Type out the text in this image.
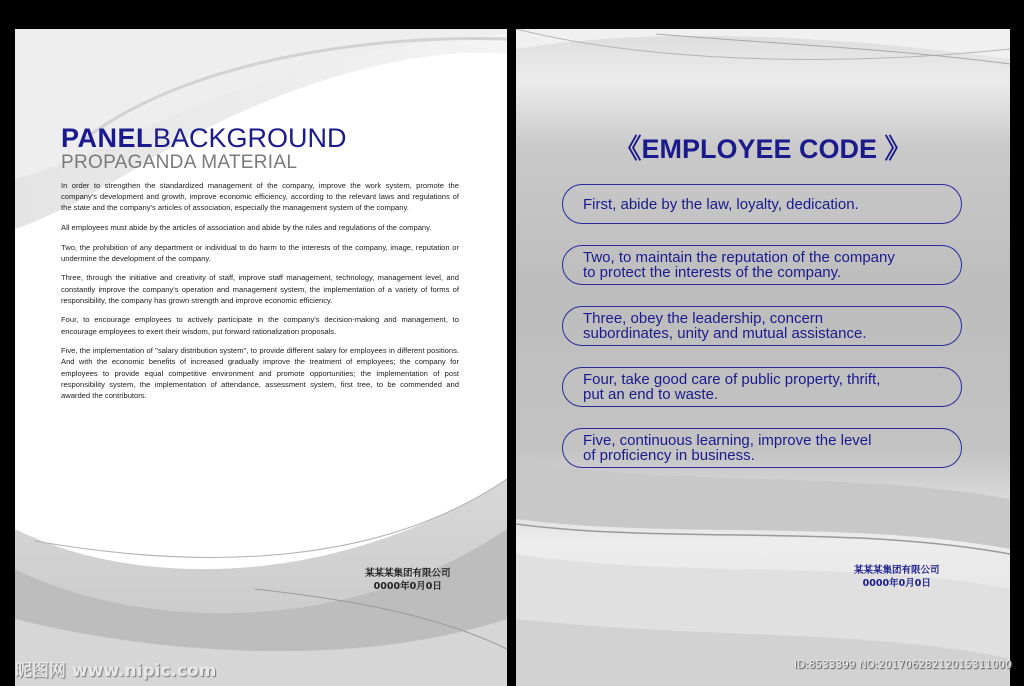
PANELBACKGROUND
PROPAGANDA MATERIAL

In order to strengthen the standardized management of the company, improve the work system, promote the company's development and growth, improve economic efficiency, according to the relevant laws and regulations of the state and the company's articles of association, especially the management system of the company.

All employees must abide by the articles of association and abide by the rules and regulations of the company.

Two, the prohibition of any department or individual to do harm to the interests of the company, image, reputation or undermine the development of the company.

Three, through the initiative and creativity of staff, improve staff management, technology, management level, and constantly improve the company's operation and management system, the implementation of a variety of forms of responsibility, the company has grown strength and improve economic efficiency.

Four, to encourage employees to actively participate in the company's decision-making and management, to encourage employees to exert their wisdom, put forward rationalization proposals.

Five, the implementation of "salary distribution system", to provide different salary for employees in different positions. And with the economic benefits of increased gradually improve the treatment of employees; the company for employees to provide equal competitive environment and promote opportunities; the implementation of post responsibility system, the implementation of attendance, assessment system, first tree, to be commended and awarded the contributors.

某某某集团有限公司
0000年0月0日
《EMPLOYEE CODE 》
First, abide by the law, loyalty, dedication.
Two, to maintain the reputation of the company
to protect the interests of the company.
Three, obey the leadership, concern
subordinates, unity and mutual assistance.
Four, take good care of public property, thrift,
put an end to waste.
Five, continuous learning, improve the level
of proficiency in business.
某某某集团有限公司
0000年0月0日
昵图网 www.nipic.com	ID:8533399 NO:20170628212015311000
